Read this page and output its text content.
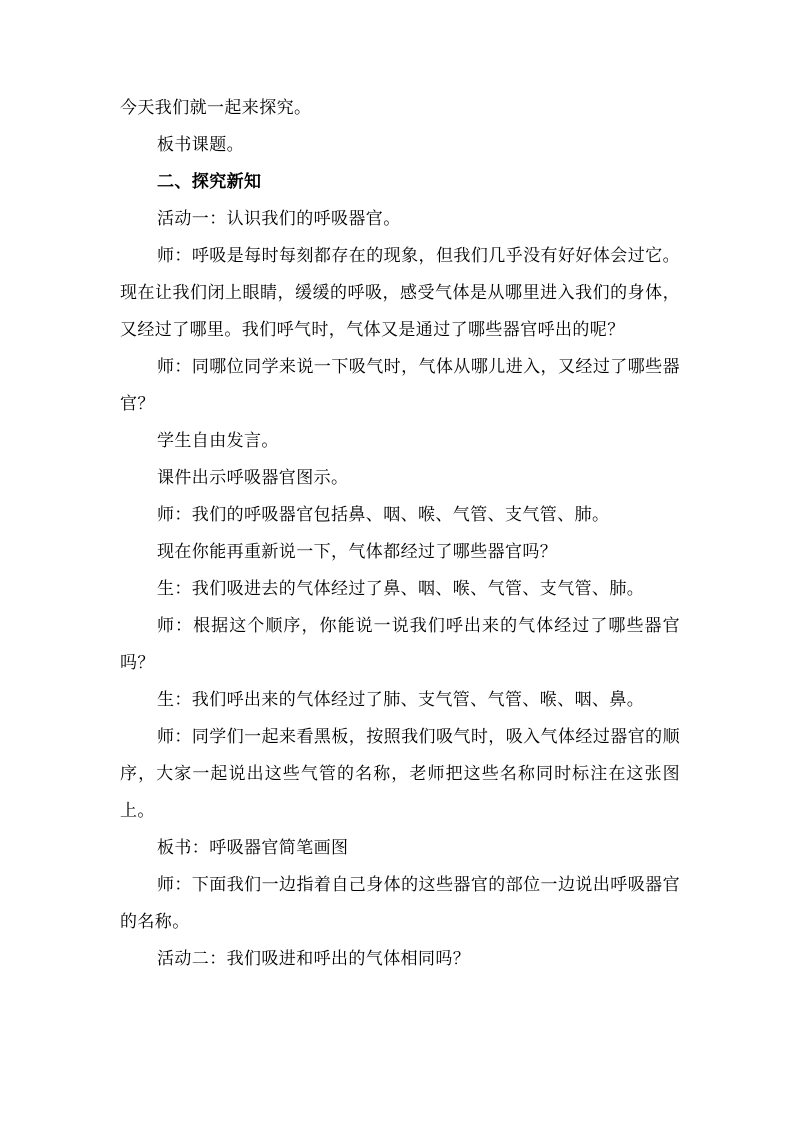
今天我们就一起来探究。

板书课题。

二、探究新知

活动一：认识我们的呼吸器官。

师：呼吸是每时每刻都存在的现象，但我们几乎没有好好体会过它。现在让我们闭上眼睛，缓缓的呼吸，感受气体是从哪里进入我们的身体，又经过了哪里。我们呼气时，气体又是通过了哪些器官呼出的呢？

师：同哪位同学来说一下吸气时，气体从哪儿进入，又经过了哪些器官？

学生自由发言。

课件出示呼吸器官图示。

师：我们的呼吸器官包括鼻、咽、喉、气管、支气管、肺。

现在你能再重新说一下，气体都经过了哪些器官吗？

生：我们吸进去的气体经过了鼻、咽、喉、气管、支气管、肺。

师：根据这个顺序，你能说一说我们呼出来的气体经过了哪些器官吗？

生：我们呼出来的气体经过了肺、支气管、气管、喉、咽、鼻。

师：同学们一起来看黑板，按照我们吸气时，吸入气体经过器官的顺序，大家一起说出这些气管的名称，老师把这些名称同时标注在这张图上。

板书：呼吸器官简笔画图

师：下面我们一边指着自己身体的这些器官的部位一边说出呼吸器官的名称。

活动二：我们吸进和呼出的气体相同吗？
